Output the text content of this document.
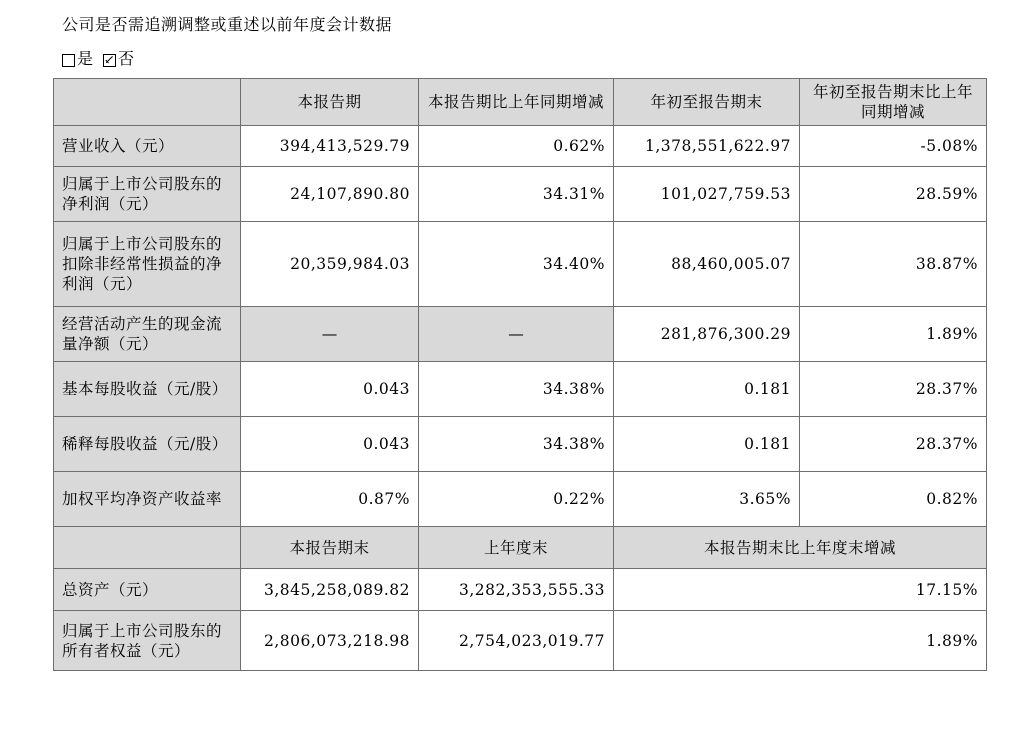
公司是否需追溯调整或重述以前年度会计数据
是 否
	本报告期	本报告期比上年同期增减	年初至报告期末	年初至报告期末比上年同期增减
营业收入（元）	394,413,529.79	0.62%	1,378,551,622.97	-5.08%
归属于上市公司股东的净利润（元）	24,107,890.80	34.31%	101,027,759.53	28.59%
归属于上市公司股东的扣除非经常性损益的净利润（元）	20,359,984.03	34.40%	88,460,005.07	38.87%
经营活动产生的现金流量净额（元）	—	—	281,876,300.29	1.89%
基本每股收益（元/股）	0.043	34.38%	0.181	28.37%
稀释每股收益（元/股）	0.043	34.38%	0.181	28.37%
加权平均净资产收益率	0.87%	0.22%	3.65%	0.82%
	本报告期末	上年度末	本报告期末比上年度末增减	
总资产（元）	3,845,258,089.82	3,282,353,555.33	17.15%	
归属于上市公司股东的所有者权益（元）	2,806,073,218.98	2,754,023,019.77	1.89%	
